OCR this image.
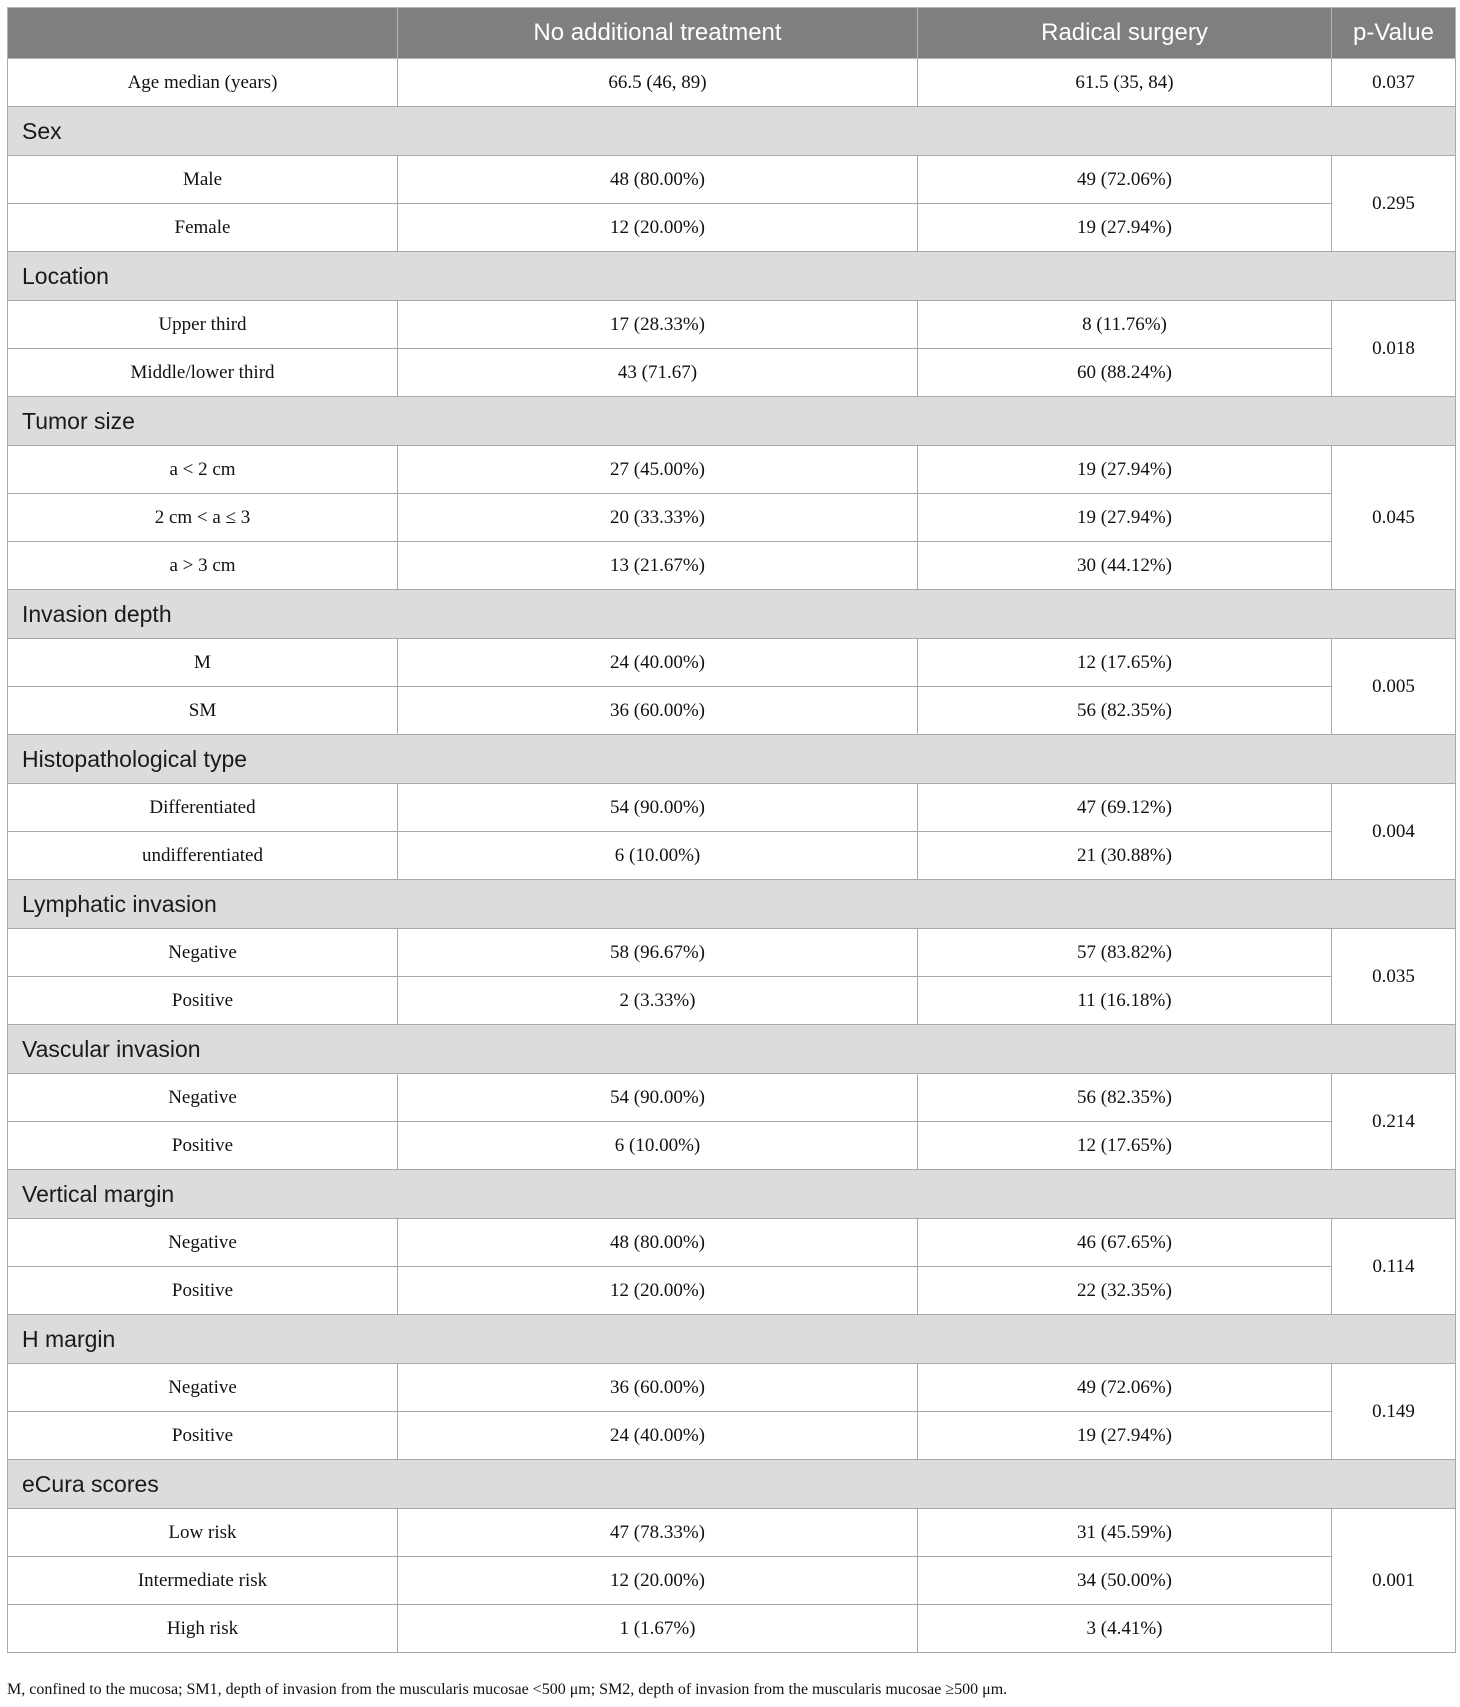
	No additional treatment	Radical surgery	p-Value
Age median (years)	66.5 (46, 89)	61.5 (35, 84)	0.037
Sex			
Male	48 (80.00%)	49 (72.06%)	0.295
Female	12 (20.00%)	19 (27.94%)	
Location			
Upper third	17 (28.33%)	8 (11.76%)	0.018
Middle/lower third	43 (71.67)	60 (88.24%)	
Tumor size			
a < 2 cm	27 (45.00%)	19 (27.94%)	0.045
2 cm < a ≤ 3	20 (33.33%)	19 (27.94%)	
a > 3 cm	13 (21.67%)	30 (44.12%)	
Invasion depth			
M	24 (40.00%)	12 (17.65%)	0.005
SM	36 (60.00%)	56 (82.35%)	
Histopathological type			
Differentiated	54 (90.00%)	47 (69.12%)	0.004
undifferentiated	6 (10.00%)	21 (30.88%)	
Lymphatic invasion			
Negative	58 (96.67%)	57 (83.82%)	0.035
Positive	2 (3.33%)	11 (16.18%)	
Vascular invasion			
Negative	54 (90.00%)	56 (82.35%)	0.214
Positive	6 (10.00%)	12 (17.65%)	
Vertical margin			
Negative	48 (80.00%)	46 (67.65%)	0.114
Positive	12 (20.00%)	22 (32.35%)	
H margin			
Negative	36 (60.00%)	49 (72.06%)	0.149
Positive	24 (40.00%)	19 (27.94%)	
eCura scores			
Low risk	47 (78.33%)	31 (45.59%)	0.001
Intermediate risk	12 (20.00%)	34 (50.00%)	
High risk	1 (1.67%)	3 (4.41%)	
M, confined to the mucosa; SM1, depth of invasion from the muscularis mucosae <500 μm; SM2, depth of invasion from the muscularis mucosae ≥500 μm.
